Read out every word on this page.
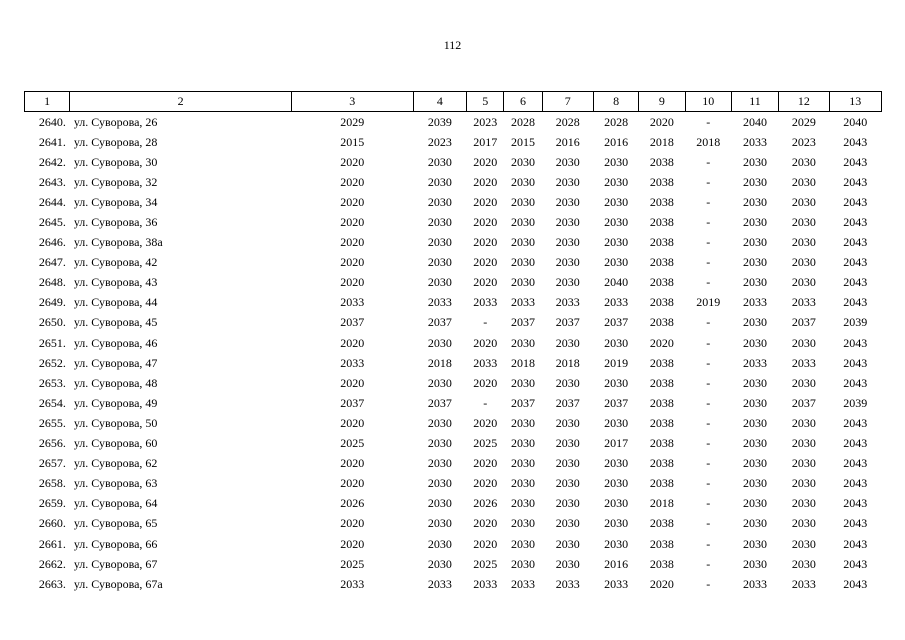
112
1	2	3	4	5	6	7	8	9	10	11	12	13
2640.	ул. Суворова, 26	2029	2039	2023	2028	2028	2028	2020	-	2040	2029	2040
2641.	ул. Суворова, 28	2015	2023	2017	2015	2016	2016	2018	2018	2033	2023	2043
2642.	ул. Суворова, 30	2020	2030	2020	2030	2030	2030	2038	-	2030	2030	2043
2643.	ул. Суворова, 32	2020	2030	2020	2030	2030	2030	2038	-	2030	2030	2043
2644.	ул. Суворова, 34	2020	2030	2020	2030	2030	2030	2038	-	2030	2030	2043
2645.	ул. Суворова, 36	2020	2030	2020	2030	2030	2030	2038	-	2030	2030	2043
2646.	ул. Суворова, 38а	2020	2030	2020	2030	2030	2030	2038	-	2030	2030	2043
2647.	ул. Суворова, 42	2020	2030	2020	2030	2030	2030	2038	-	2030	2030	2043
2648.	ул. Суворова, 43	2020	2030	2020	2030	2030	2040	2038	-	2030	2030	2043
2649.	ул. Суворова, 44	2033	2033	2033	2033	2033	2033	2038	2019	2033	2033	2043
2650.	ул. Суворова, 45	2037	2037	-	2037	2037	2037	2038	-	2030	2037	2039
2651.	ул. Суворова, 46	2020	2030	2020	2030	2030	2030	2020	-	2030	2030	2043
2652.	ул. Суворова, 47	2033	2018	2033	2018	2018	2019	2038	-	2033	2033	2043
2653.	ул. Суворова, 48	2020	2030	2020	2030	2030	2030	2038	-	2030	2030	2043
2654.	ул. Суворова, 49	2037	2037	-	2037	2037	2037	2038	-	2030	2037	2039
2655.	ул. Суворова, 50	2020	2030	2020	2030	2030	2030	2038	-	2030	2030	2043
2656.	ул. Суворова, 60	2025	2030	2025	2030	2030	2017	2038	-	2030	2030	2043
2657.	ул. Суворова, 62	2020	2030	2020	2030	2030	2030	2038	-	2030	2030	2043
2658.	ул. Суворова, 63	2020	2030	2020	2030	2030	2030	2038	-	2030	2030	2043
2659.	ул. Суворова, 64	2026	2030	2026	2030	2030	2030	2018	-	2030	2030	2043
2660.	ул. Суворова, 65	2020	2030	2020	2030	2030	2030	2038	-	2030	2030	2043
2661.	ул. Суворова, 66	2020	2030	2020	2030	2030	2030	2038	-	2030	2030	2043
2662.	ул. Суворова, 67	2025	2030	2025	2030	2030	2016	2038	-	2030	2030	2043
2663.	ул. Суворова, 67а	2033	2033	2033	2033	2033	2033	2020	-	2033	2033	2043
